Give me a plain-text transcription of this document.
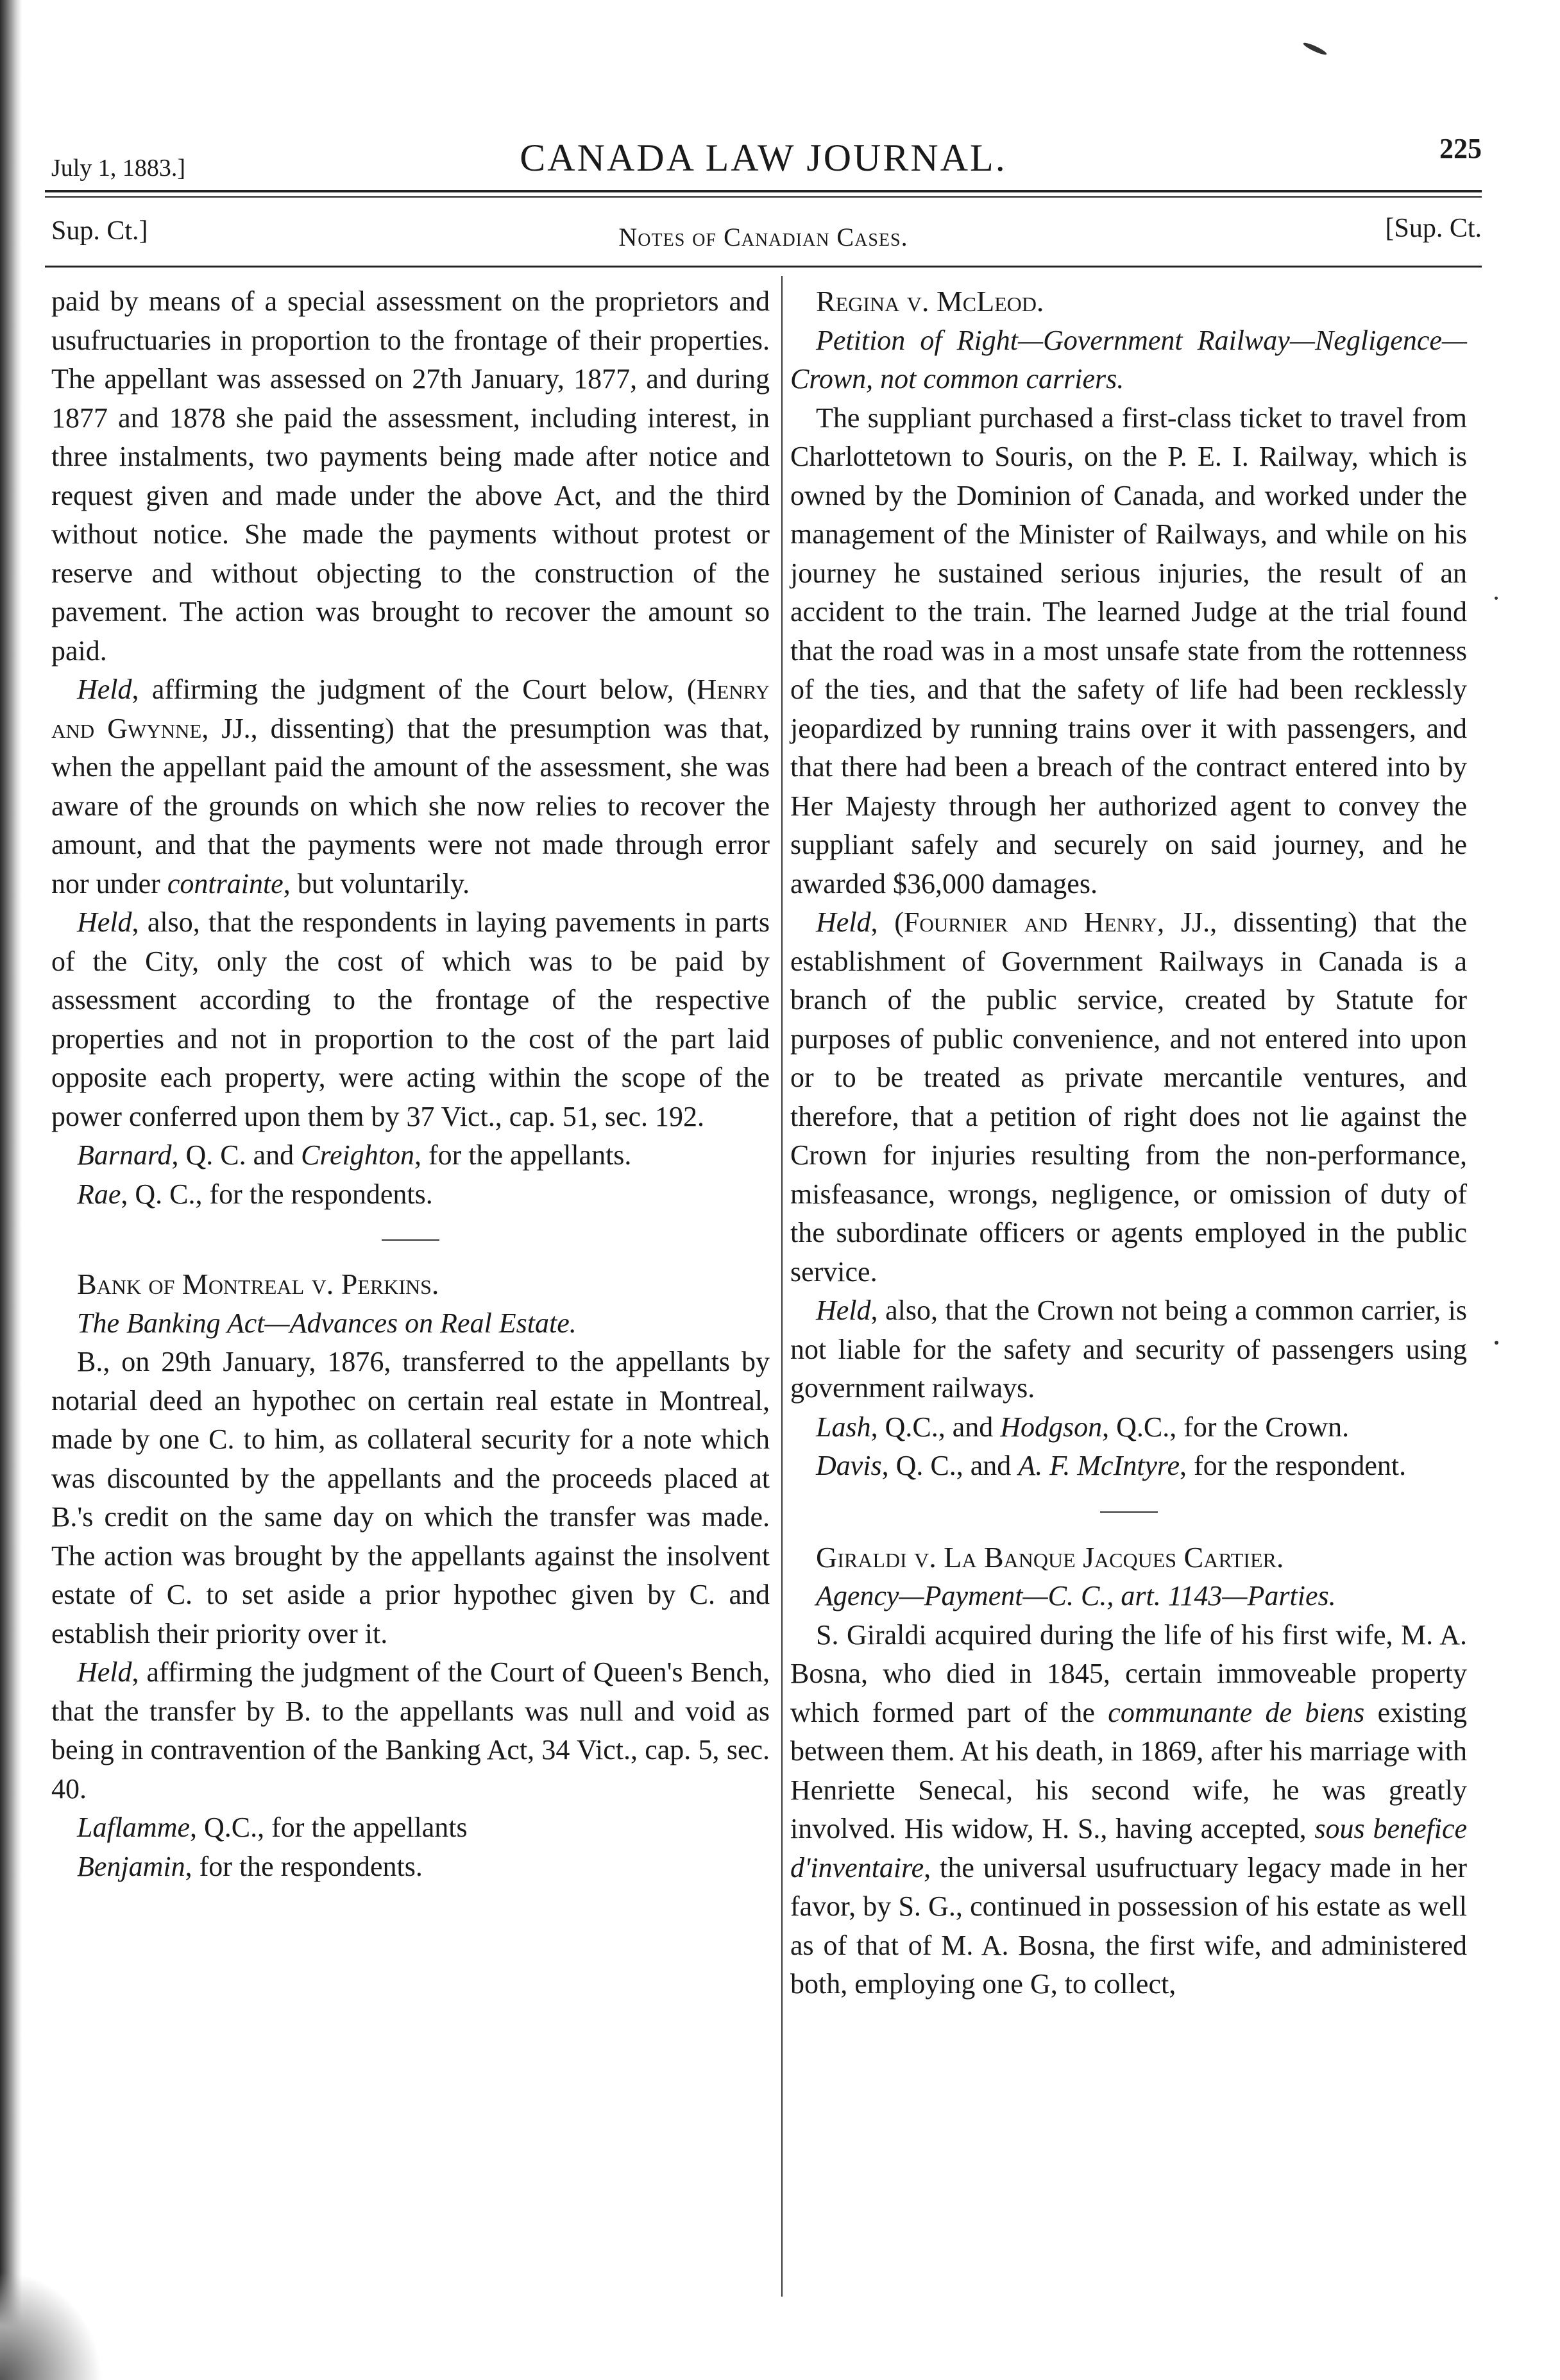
July 1, 1883.]	CANADA LAW JOURNAL.	225
Sup. Ct.]	Notes of Canadian Cases.	[Sup. Ct.

paid by means of a special assessment on the proprietors and usufructuaries in proportion to the frontage of their properties. The appellant was assessed on 27th January, 1877, and during 1877 and 1878 she paid the assessment, including interest, in three instalments, two payments being made after notice and request given and made under the above Act, and the third without notice. She made the payments without protest or reserve and without objecting to the construction of the pavement. The action was brought to recover the amount so paid.

Held, affirming the judgment of the Court below, (Henry and Gwynne, JJ., dissenting) that the presumption was that, when the appellant paid the amount of the assessment, she was aware of the grounds on which she now relies to recover the amount, and that the payments were not made through error nor under contrainte, but voluntarily.

Held, also, that the respondents in laying pavements in parts of the City, only the cost of which was to be paid by assessment according to the frontage of the respective properties and not in proportion to the cost of the part laid opposite each property, were acting within the scope of the power conferred upon them by 37 Vict., cap. 51, sec. 192.

Barnard, Q. C. and Creighton, for the appellants.

Rae, Q. C., for the respondents.

Bank of Montreal v. Perkins.

The Banking Act—Advances on Real Estate.

B., on 29th January, 1876, transferred to the appellants by notarial deed an hypothec on certain real estate in Montreal, made by one C. to him, as collateral security for a note which was discounted by the appellants and the proceeds placed at B.'s credit on the same day on which the transfer was made. The action was brought by the appellants against the insolvent estate of C. to set aside a prior hypothec given by C. and establish their priority over it.

Held, affirming the judgment of the Court of Queen's Bench, that the transfer by B. to the appellants was null and void as being in contravention of the Banking Act, 34 Vict., cap. 5, sec. 40.

Laflamme, Q.C., for the appellants

Benjamin, for the respondents.

Regina v. McLeod.

Petition of Right—Government Railway—Negligence—Crown, not common carriers.

The suppliant purchased a first-class ticket to travel from Charlottetown to Souris, on the P. E. I. Railway, which is owned by the Dominion of Canada, and worked under the management of the Minister of Railways, and while on his journey he sustained serious injuries, the result of an accident to the train. The learned Judge at the trial found that the road was in a most unsafe state from the rottenness of the ties, and that the safety of life had been recklessly jeopardized by running trains over it with passengers, and that there had been a breach of the contract entered into by Her Majesty through her authorized agent to convey the suppliant safely and securely on said journey, and he awarded $36,000 damages.

Held, (Fournier and Henry, JJ., dissenting) that the establishment of Government Railways in Canada is a branch of the public service, created by Statute for purposes of public convenience, and not entered into upon or to be treated as private mercantile ventures, and therefore, that a petition of right does not lie against the Crown for injuries resulting from the non-performance, misfeasance, wrongs, negligence, or omission of duty of the subordinate officers or agents employed in the public service.

Held, also, that the Crown not being a common carrier, is not liable for the safety and security of passengers using government railways.

Lash, Q.C., and Hodgson, Q.C., for the Crown.

Davis, Q. C., and A. F. McIntyre, for the respondent.

Giraldi v. La Banque Jacques Cartier.

Agency—Payment—C. C., art. 1143—Parties.

S. Giraldi acquired during the life of his first wife, M. A. Bosna, who died in 1845, certain immoveable property which formed part of the communante de biens existing between them. At his death, in 1869, after his marriage with Henriette Senecal, his second wife, he was greatly involved. His widow, H. S., having accepted, sous benefice d'inventaire, the universal usufructuary legacy made in her favor, by S. G., continued in possession of his estate as well as of that of M. A. Bosna, the first wife, and administered both, employing one G, to collect,
